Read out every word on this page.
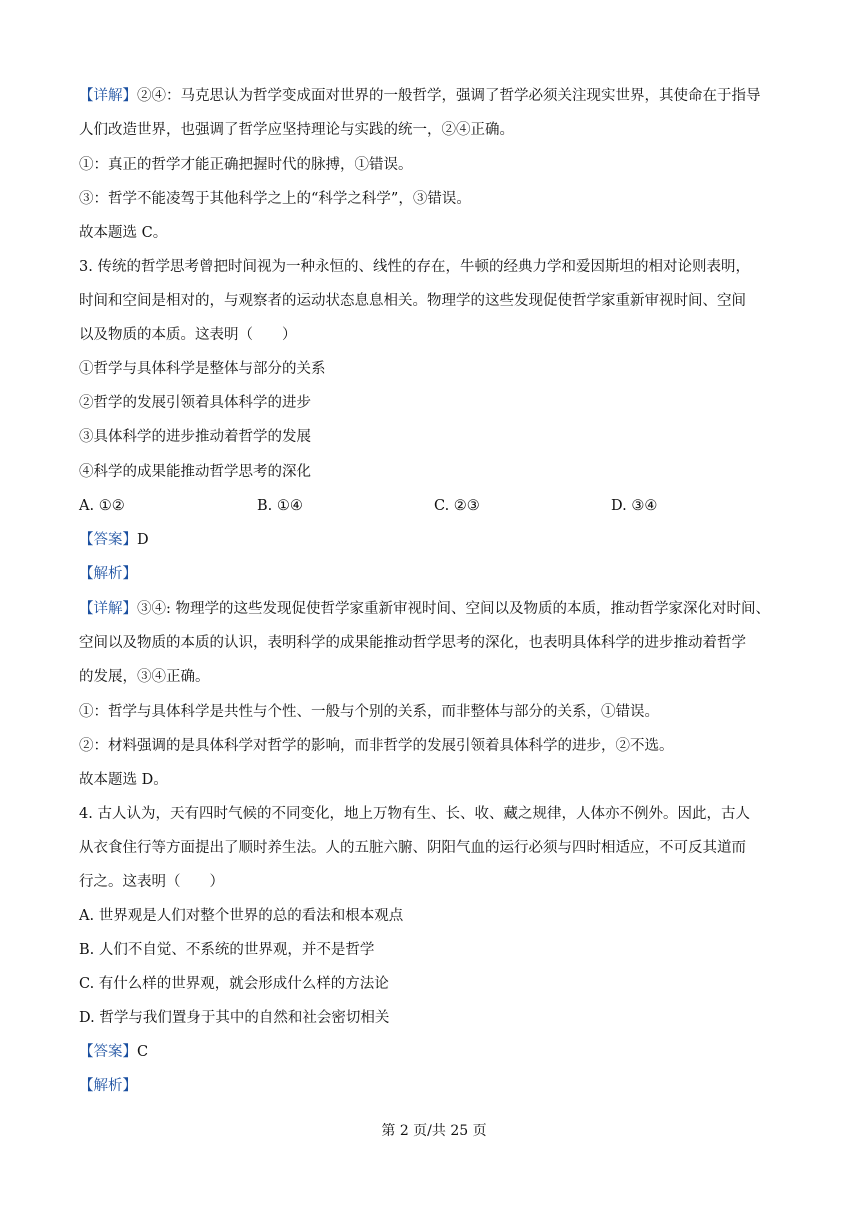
【详解】②④：马克思认为哲学变成面对世界的一般哲学，强调了哲学必须关注现实世界，其使命在于指导
人们改造世界，也强调了哲学应坚持理论与实践的统一，②④正确。
①：真正的哲学才能正确把握时代的脉搏，①错误。
③：哲学不能凌驾于其他科学之上的“科学之科学”，③错误。
故本题选 C。
3. 传统的哲学思考曾把时间视为一种永恒的、线性的存在，牛顿的经典力学和爱因斯坦的相对论则表明，
时间和空间是相对的，与观察者的运动状态息息相关。物理学的这些发现促使哲学家重新审视时间、空间
以及物质的本质。这表明（　　）
①哲学与具体科学是整体与部分的关系
②哲学的发展引领着具体科学的进步
③具体科学的进步推动着哲学的发展
④科学的成果能推动哲学思考的深化
A. ①②	B. ①④	C. ②③	D. ③④
【答案】D
【解析】
【详解】③④: 物理学的这些发现促使哲学家重新审视时间、空间以及物质的本质，推动哲学家深化对时间、
空间以及物质的本质的认识，表明科学的成果能推动哲学思考的深化，也表明具体科学的进步推动着哲学
的发展，③④正确。
①：哲学与具体科学是共性与个性、一般与个别的关系，而非整体与部分的关系，①错误。
②：材料强调的是具体科学对哲学的影响，而非哲学的发展引领着具体科学的进步，②不选。
故本题选 D。
4. 古人认为，天有四时气候的不同变化，地上万物有生、长、收、藏之规律，人体亦不例外。因此，古人
从衣食住行等方面提出了顺时养生法。人的五脏六腑、阴阳气血的运行必须与四时相适应，不可反其道而
行之。这表明（　　）
A. 世界观是人们对整个世界的总的看法和根本观点
B. 人们不自觉、不系统的世界观，并不是哲学
C. 有什么样的世界观，就会形成什么样的方法论
D. 哲学与我们置身于其中的自然和社会密切相关
【答案】C
【解析】
第 2 页/共 25 页
